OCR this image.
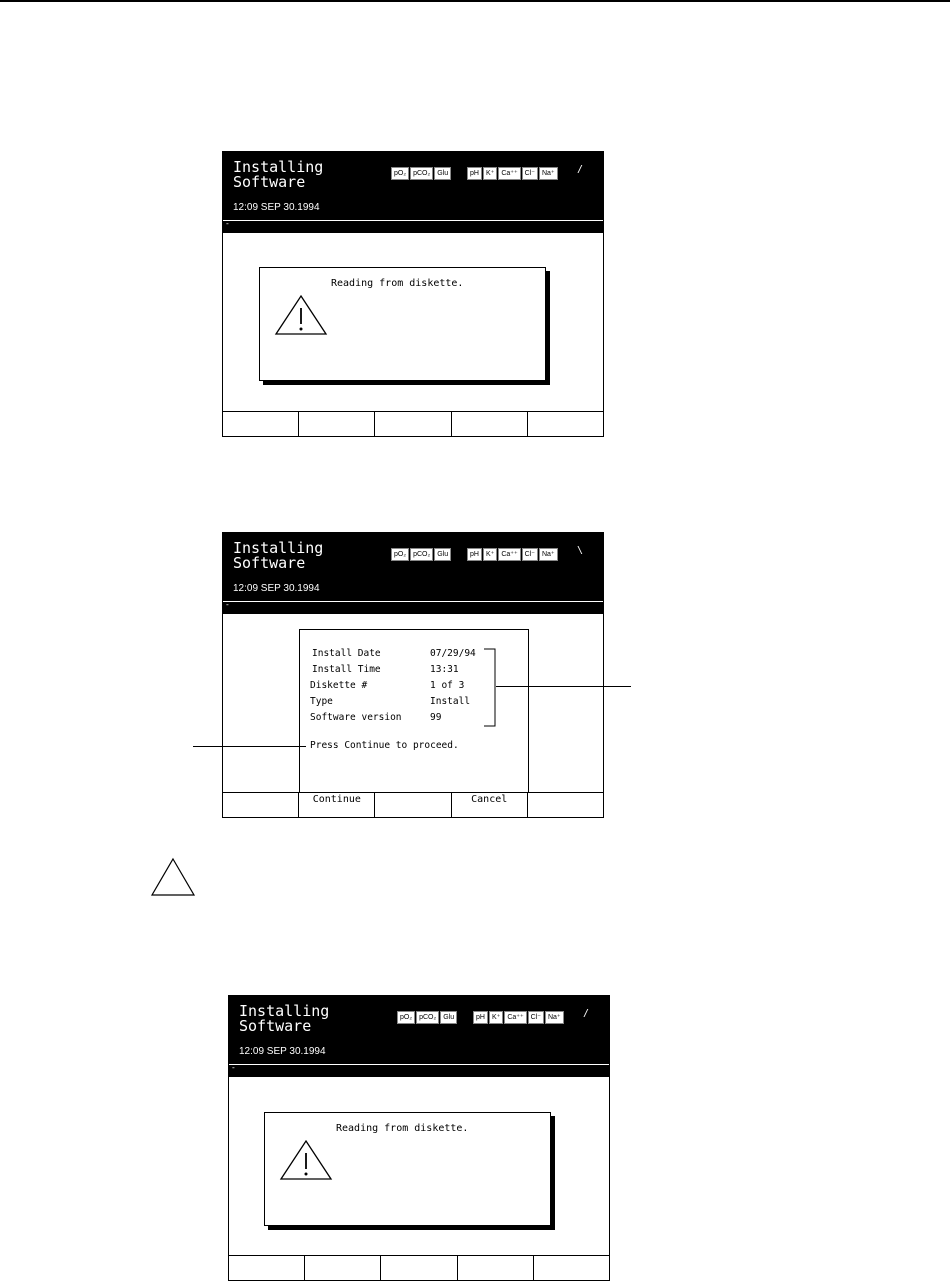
Installing
Software	pO₂	pCO₂	Glu	pH	K⁺	Ca⁺⁺	Cl⁻	Na⁺	/
12:09 SEP 30.1994
-
Reading from diskette.
Installing
Software	pO₂	pCO₂	Glu	pH	K⁺	Ca⁺⁺	Cl⁻	Na⁺	\
12:09 SEP 30.1994
-
Install Date	07/29/94
Install Time	13:31
Diskette #	1 of 3
Type	Install
Software version	99
Press Continue to proceed.
Continue	Cancel
Installing
Software	pO₂	pCO₂	Glu	pH	K⁺	Ca⁺⁺	Cl⁻	Na⁺	/
12:09 SEP 30.1994
-
Reading from diskette.
